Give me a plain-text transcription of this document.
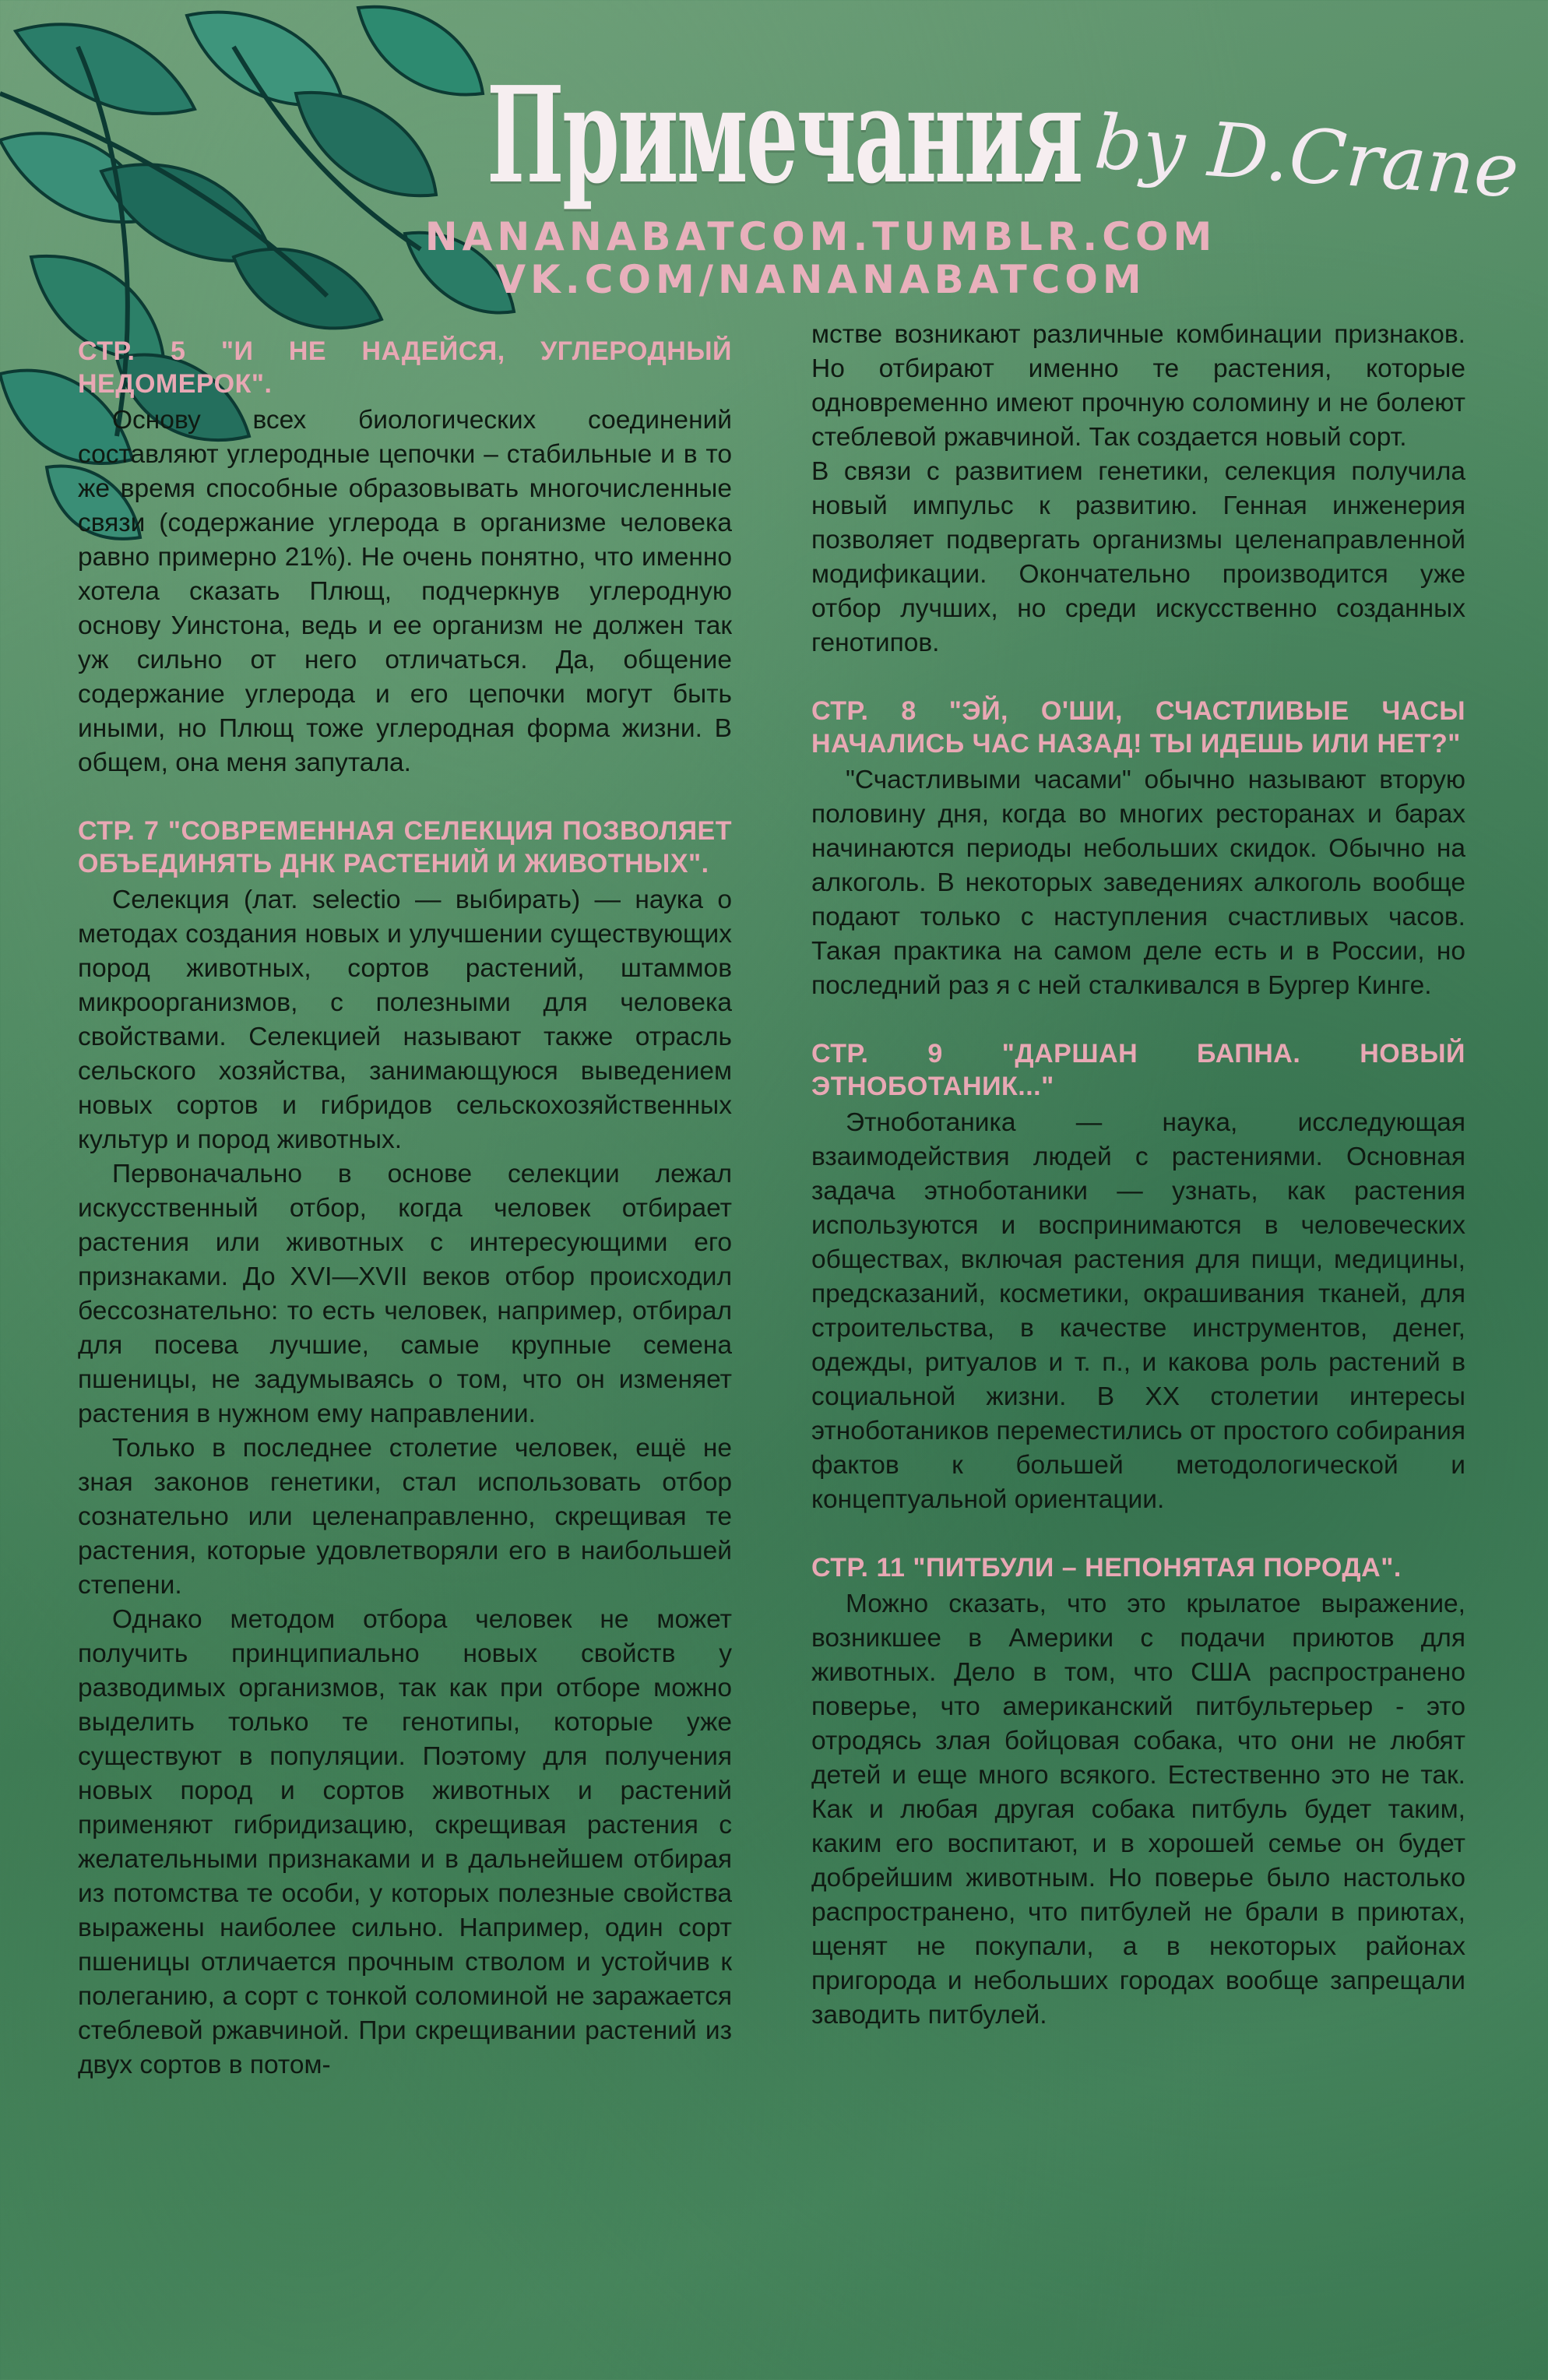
Примечания by D.Crane
NANANABATCOM.TUMBLR.COM
VK.COM/NANANABATCOM

СТР. 5 "И НЕ НАДЕЙСЯ, УГЛЕРОДНЫЙ НЕДОМЕРОК".

Основу всех биологических соединений составляют углеродные цепочки – стабильные и в то же время способные образовывать многочисленные связи (содержание углерода в организме человека равно примерно 21%). Не очень понятно, что именно хотела сказать Плющ, подчеркнув углеродную основу Уинстона, ведь и ее организм не должен так уж сильно от него отличаться. Да, общение содержание углерода и его цепочки могут быть иными, но Плющ тоже углеродная форма жизни. В общем, она меня запутала.

СТР. 7 "СОВРЕМЕННАЯ СЕЛЕКЦИЯ ПОЗВОЛЯЕТ ОБЪЕДИНЯТЬ ДНК РАСТЕНИЙ И ЖИВОТНЫХ".

Селекция (лат. selectio — выбирать) — наука о методах создания новых и улучшении существующих пород животных, сортов растений, штаммов микроорганизмов, с полезными для человека свойствами. Селекцией называют также отрасль сельского хозяйства, занимающуюся выведением новых сортов и гибридов сельскохозяйственных культур и пород животных.

Первоначально в основе селекции лежал искусственный отбор, когда человек отбирает растения или животных с интересующими его признаками. До XVI—XVII веков отбор происходил бессознательно: то есть человек, например, отбирал для посева лучшие, самые крупные семена пшеницы, не задумываясь о том, что он изменяет растения в нужном ему направлении.

Только в последнее столетие человек, ещё не зная законов генетики, стал использовать отбор сознательно или целенаправленно, скрещивая те растения, которые удовлетворяли его в наибольшей степени.

Однако методом отбора человек не может получить принципиально новых свойств у разводимых организмов, так как при отборе можно выделить только те генотипы, которые уже существуют в популяции. Поэтому для получения новых пород и сортов животных и растений применяют гибридизацию, скрещивая растения с желательными признаками и в дальнейшем отбирая из потомства те особи, у которых полезные свойства выражены наиболее сильно. Например, один сорт пшеницы отличается прочным стволом и устойчив к полеганию, а сорт с тонкой соломиной не заражается стеблевой ржавчиной. При скрещивании растений из двух сортов в потом-

мстве возникают различные комбинации признаков. Но отбирают именно те растения, которые одновременно имеют прочную соломину и не болеют стеблевой ржавчиной. Так создается новый сорт.

В связи с развитием генетики, селекция получила новый импульс к развитию. Генная инженерия позволяет подвергать организмы целенаправленной модификации. Окончательно производится уже отбор лучших, но среди искусственно созданных генотипов.

СТР. 8 "ЭЙ, О'ШИ, СЧАСТЛИВЫЕ ЧАСЫ НАЧАЛИСЬ ЧАС НАЗАД! ТЫ ИДЕШЬ ИЛИ НЕТ?"

"Счастливыми часами" обычно называют вторую половину дня, когда во многих ресторанах и барах начинаются периоды небольших скидок. Обычно на алкоголь. В некоторых заведениях алкоголь вообще подают только с наступления счастливых часов. Такая практика на самом деле есть и в России, но последний раз я с ней сталкивался в Бургер Кинге.

СТР. 9 "ДАРШАН БАПНА. НОВЫЙ ЭТНОБОТАНИК..."

Этноботаника — наука, исследующая взаимодействия людей с растениями. Основная задача этноботаники — узнать, как растения используются и воспринимаются в человеческих обществах, включая растения для пищи, медицины, предсказаний, косметики, окрашивания тканей, для строительства, в качестве инструментов, денег, одежды, ритуалов и т. п., и какова роль растений в социальной жизни. В XX столетии интересы этноботаников переместились от простого собирания фактов к большей методологической и концептуальной ориентации.

СТР. 11 "ПИТБУЛИ – НЕПОНЯТАЯ ПОРОДА".

Можно сказать, что это крылатое выражение, возникшее в Америки с подачи приютов для животных. Дело в том, что США распространено поверье, что американский питбультерьер - это отродясь злая бойцовая собака, что они не любят детей и еще много всякого. Естественно это не так. Как и любая другая собака питбуль будет таким, каким его воспитают, и в хорошей семье он будет добрейшим животным. Но поверье было настолько распространено, что питбулей не брали в приютах, щенят не покупали, а в некоторых районах пригорода и небольших городах вообще запрещали заводить питбулей.
